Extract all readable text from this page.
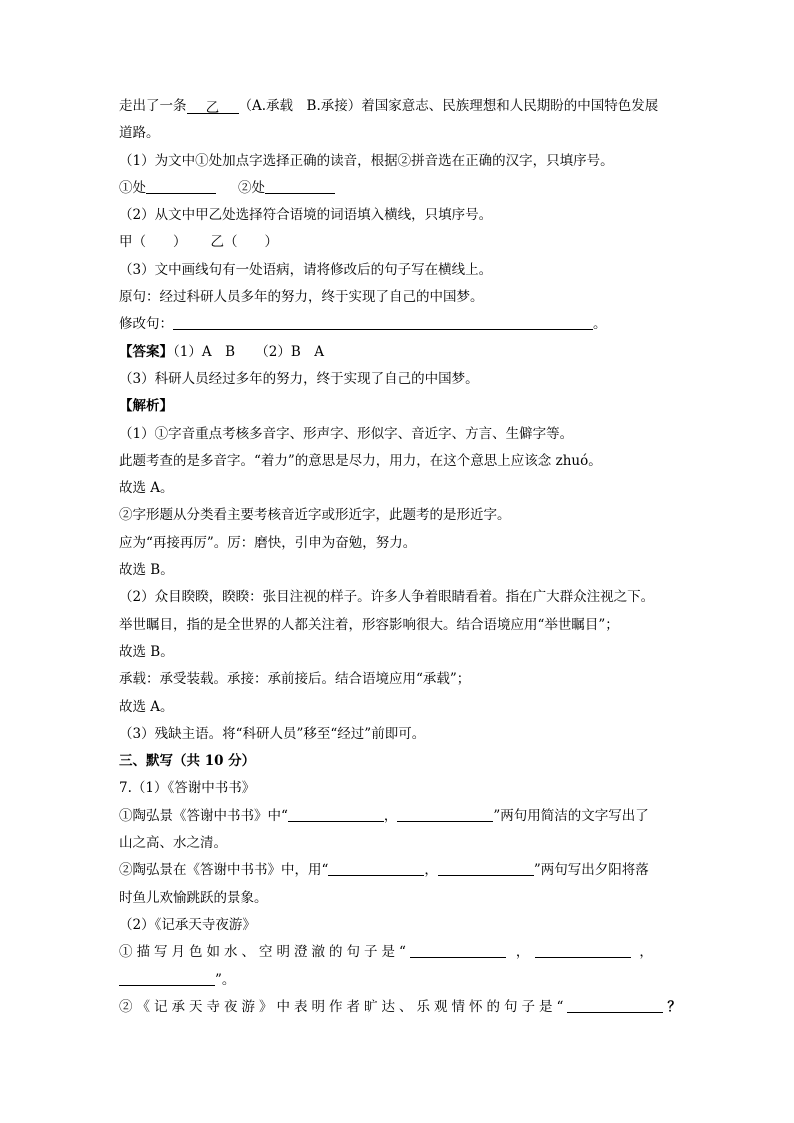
走出了一条 乙 （A.承载　B.承接）着国家意志、民族理想和人民期盼的中国特色发展
道路。
（1）为文中①处加点字选择正确的读音，根据②拼音选在正确的汉字，只填序号。
①处	②处
（2）从文中甲乙处选择符合语境的词语填入横线，只填序号。
甲（　　） 乙（　　）
（3）文中画线句有一处语病，请将修改后的句子写在横线上。
原句：经过科研人员多年的努力，终于实现了自己的中国梦。
修改句：	。
【答案】（1）A　B　　（2）B　A
（3）科研人员经过多年的努力，终于实现了自己的中国梦。
【解析】
（1）①字音重点考核多音字、形声字、形似字、音近字、方言、生僻字等。
此题考查的是多音字。“着力”的意思是尽力，用力，在这个意思上应该念 zhuó。
故选 A。
②字形题从分类看主要考核音近字或形近字，此题考的是形近字。
应为“再接再厉”。厉：磨快，引申为奋勉，努力。
故选 B。
（2）众目睽睽，睽睽：张目注视的样子。许多人争着眼睛看着。指在广大群众注视之下。
举世瞩目，指的是全世界的人都关注着，形容影响很大。结合语境应用“举世瞩目”；
故选 B。
承载：承受装载。承接：承前接后。结合语境应用“承载”；
故选 A。
（3）残缺主语。将“科研人员”移至“经过”前即可。
三、默写（共 10 分）
7.（1）《答谢中书书》
①陶弘景《答谢中书书》中“	，	”两句用简洁的文字写出了
山之高、水之清。
②陶弘景在《答谢中书书》中，用“	，	”两句写出夕阳将落
时鱼儿欢愉跳跃的景象。
（2）《记承天寺夜游》
①描写月色如水、空明澄澈的句子是“	，	，
”。
②《记承天寺夜游》中表明作者旷达、乐观情怀的句子是“	？
